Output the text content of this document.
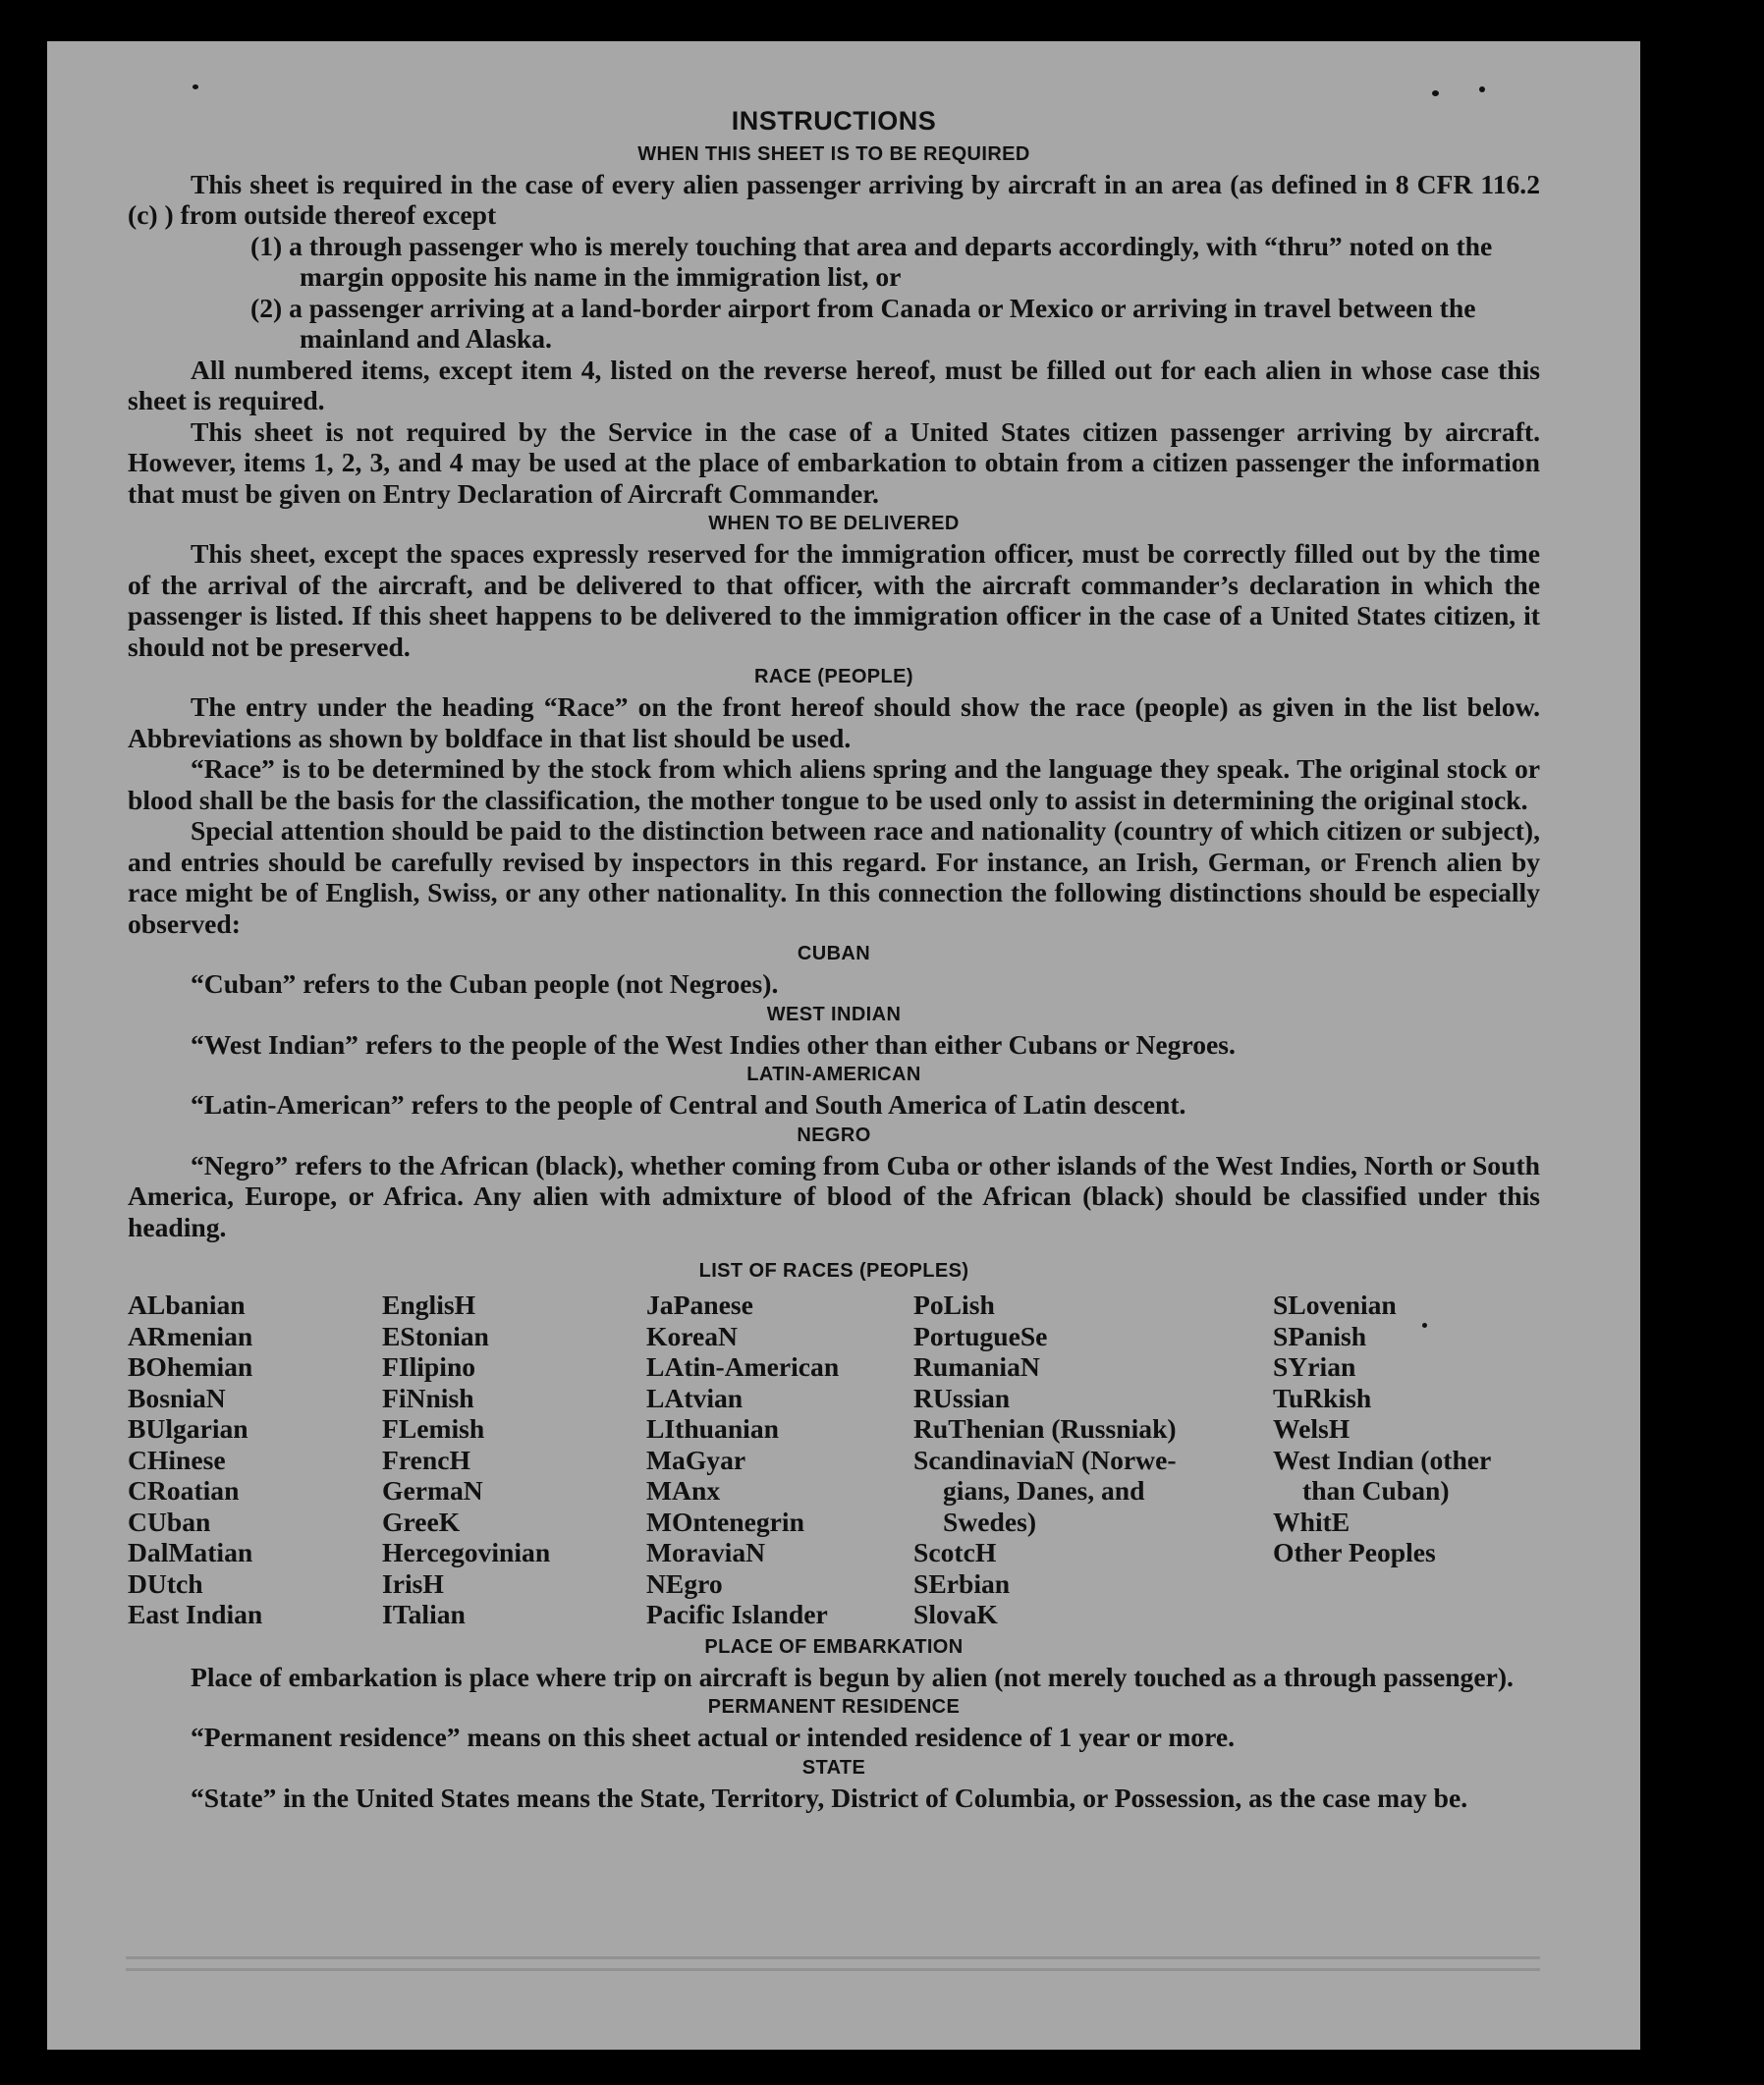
INSTRUCTIONS
WHEN THIS SHEET IS TO BE REQUIRED

This sheet is required in the case of every alien passenger arriving by aircraft in an area (as defined in 8 CFR 116.2 (c) ) from outside thereof except

(1) a through passenger who is merely touching that area and departs accordingly, with “thru” noted on the margin opposite his name in the immigration list, or

(2) a passenger arriving at a land-border airport from Canada or Mexico or arriving in travel between the mainland and Alaska.

All numbered items, except item 4, listed on the reverse hereof, must be filled out for each alien in whose case this sheet is required.

This sheet is not required by the Service in the case of a United States citizen passenger arriving by aircraft. However, items 1, 2, 3, and 4 may be used at the place of embarkation to obtain from a citizen passenger the information that must be given on Entry Declaration of Aircraft Commander.

WHEN TO BE DELIVERED

This sheet, except the spaces expressly reserved for the immigration officer, must be correctly filled out by the time of the arrival of the aircraft, and be delivered to that officer, with the aircraft commander’s declaration in which the passenger is listed. If this sheet happens to be delivered to the immigration officer in the case of a United States citizen, it should not be preserved.

RACE (PEOPLE)

The entry under the heading “Race” on the front hereof should show the race (people) as given in the list below. Abbreviations as shown by boldface in that list should be used.

“Race” is to be determined by the stock from which aliens spring and the language they speak. The original stock or blood shall be the basis for the classification, the mother tongue to be used only to assist in determining the original stock.

Special attention should be paid to the distinction between race and nationality (country of which citizen or subject), and entries should be carefully revised by inspectors in this regard. For instance, an Irish, German, or French alien by race might be of English, Swiss, or any other nationality. In this connection the following distinctions should be especially observed:

CUBAN

“Cuban” refers to the Cuban people (not Negroes).

WEST INDIAN

“West Indian” refers to the people of the West Indies other than either Cubans or Negroes.

LATIN-AMERICAN

“Latin-American” refers to the people of Central and South America of Latin descent.

NEGRO

“Negro” refers to the African (black), whether coming from Cuba or other islands of the West Indies, North or South America, Europe, or Africa. Any alien with admixture of blood of the African (black) should be classified under this heading.

LIST OF RACES (PEOPLES)
ALbanian
ARmenian
BOhemian
BosniaN
BUlgarian
CHinese
CRoatian
CUban
DalMatian
DUtch
East Indian
EnglisH
EStonian
FIlipino
FiNnish
FLemish
FrencH
GermaN
GreeK
Hercegovinian
IrisH
ITalian
JaPanese
KoreaN
LAtin-American
LAtvian
LIthuanian
MaGyar
MAnx
MOntenegrin
MoraviaN
NEgro
Pacific Islander
PoLish
PortugueSe
RumaniaN
RUssian
RuThenian (Russniak)
ScandinaviaN (Norwe-
gians, Danes, and
Swedes)
ScotcH
SErbian
SlovaK
SLovenian
SPanish
SYrian
TuRkish
WelsH
West Indian (other
than Cuban)
WhitE
Other Peoples
PLACE OF EMBARKATION

Place of embarkation is place where trip on aircraft is begun by alien (not merely touched as a through passenger).

PERMANENT RESIDENCE

“Permanent residence” means on this sheet actual or intended residence of 1 year or more.

STATE

“State” in the United States means the State, Territory, District of Columbia, or Possession, as the case may be.
